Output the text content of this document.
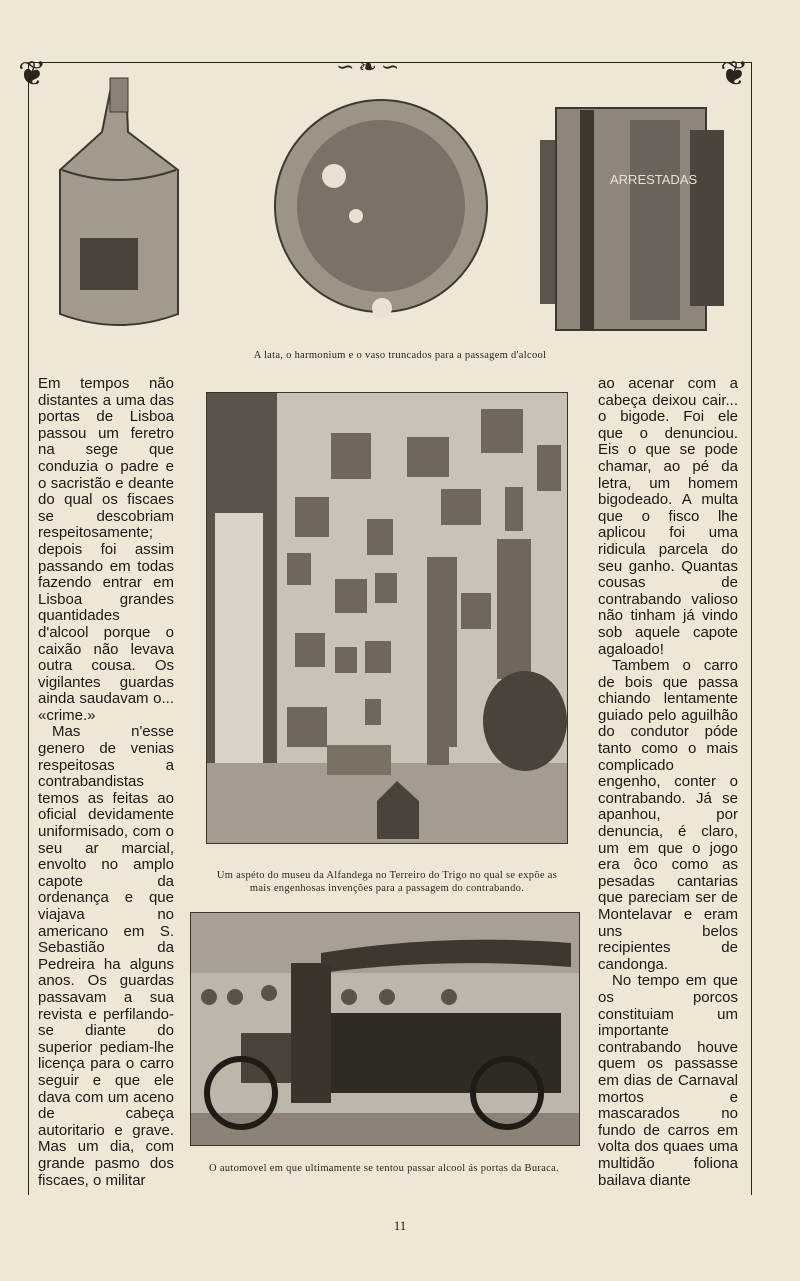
❦	❦
∽❧∽
ARRESTADAS
A lata, o harmonium e o vaso truncados para a passagem d'alcool
Um aspéto do museu da Alfandega no Terreiro do Trigo no qual se expõe as mais engenhosas invenções para a passagem do contrabando.
O automovel em que ultimamente se tentou passar alcool ás portas da Buraca.

Em tempos não distantes a uma das portas de Lisboa passou um feretro na sege que conduzia o padre e o sacristão e deante do qual os fiscaes se descobriam respeitosamente; depois foi assim passando em todas fazendo entrar em Lisboa grandes quantidades d'alcool porque o caixão não levava outra cousa. Os vigilantes guardas ainda saudavam o... «crime.»

Mas n'esse genero de venias respeitosas a contrabandistas temos as feitas ao oficial devidamente uniformisado, com o seu ar marcial, envolto no amplo capote da ordenança e que viajava no americano em S. Sebastião da Pedreira ha alguns anos. Os guardas passavam a sua revista e perfilando-se diante do superior pediam-lhe licença para o carro seguir e que ele dava com um aceno de cabeça autoritario e grave. Mas um dia, com grande pasmo dos fiscaes, o militar

ao acenar com a cabeça deixou cair... o bigode. Foi ele que o denunciou. Eis o que se pode chamar, ao pé da letra, um homem bigodeado. A multa que o fisco lhe aplicou foi uma ridicula parcela do seu ganho. Quantas cousas de contrabando valioso não tinham já vindo sob aquele capote agaloado!

Tambem o carro de bois que passa chiando lentamente guiado pelo aguilhão do condutor póde tanto como o mais complicado engenho, conter o contrabando. Já se apanhou, por denuncia, é claro, um em que o jogo era ôco como as pesadas cantarias que pareciam ser de Montelavar e eram uns belos recipientes de candonga.

No tempo em que os porcos constituiam um importante contrabando houve quem os passasse em dias de Carnaval mortos e mascarados no fundo de carros em volta dos quaes uma multidão foliona bailava diante

11
